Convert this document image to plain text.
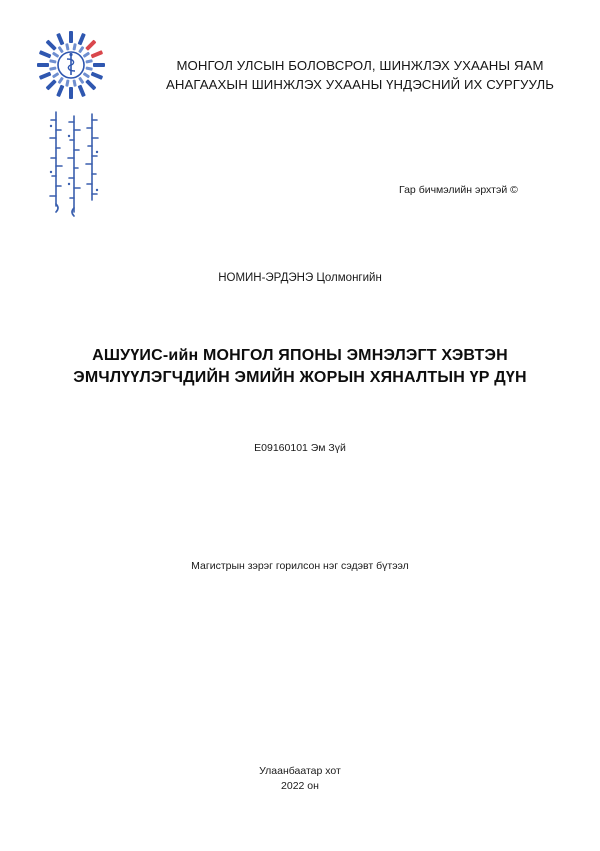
МОНГОЛ УЛСЫН БОЛОВСРОЛ, ШИНЖЛЭХ УХААНЫ ЯАМ
АНАГААХЫН ШИНЖЛЭХ УХААНЫ ҮНДЭСНИЙ ИХ СУРГУУЛЬ
Гар бичмэлийн эрхтэй ©
НОМИН-ЭРДЭНЭ Цолмонгийн
АШУҮИС-ийн МОНГОЛ ЯПОНЫ ЭМНЭЛЭГТ ХЭВТЭН
ЭМЧЛҮҮЛЭГЧДИЙН ЭМИЙН ЖОРЫН ХЯНАЛТЫН ҮР ДҮН
E09160101 Эм Зүй
Магистрын зэрэг горилсон нэг сэдэвт бүтээл
Улаанбаатар хот
2022 он
